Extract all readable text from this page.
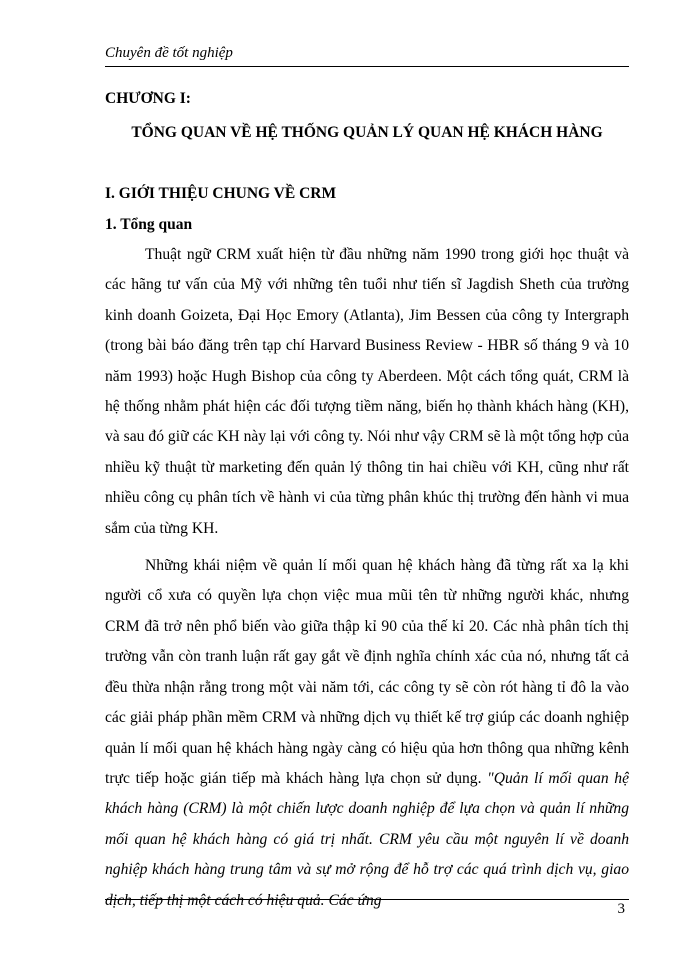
Chuyên đề tốt nghiệp

CHƯƠNG I:

TỔNG QUAN VỀ HỆ THỐNG QUẢN LÝ QUAN HỆ KHÁCH HÀNG

I. GIỚI THIỆU CHUNG VỀ CRM

1. Tổng quan

Thuật ngữ CRM xuất hiện từ đầu những năm 1990 trong giới học thuật và các hãng tư vấn của Mỹ với những tên tuổi như tiến sĩ Jagdish Sheth của trường kinh doanh Goizeta, Đại Học Emory (Atlanta), Jim Bessen của công ty Intergraph (trong bài báo đăng trên tạp chí Harvard Business Review - HBR số tháng 9 và 10 năm 1993) hoặc Hugh Bishop của công ty Aberdeen. Một cách tổng quát, CRM là hệ thống nhằm phát hiện các đối tượng tiềm năng, biến họ thành khách hàng (KH), và sau đó giữ các KH này lại với công ty. Nói như vậy CRM sẽ là một tổng hợp của nhiều kỹ thuật từ marketing đến quản lý thông tin hai chiều với KH, cũng như rất nhiều công cụ phân tích về hành vi của từng phân khúc thị trường đến hành vi mua sắm của từng KH.

Những khái niệm về quản lí mối quan hệ khách hàng đã từng rất xa lạ khi người cổ xưa có quyền lựa chọn việc mua mũi tên từ những người khác, nhưng CRM đã trở nên phổ biến vào giữa thập kỉ 90 của thế kỉ 20. Các nhà phân tích thị trường vẫn còn tranh luận rất gay gắt về định nghĩa chính xác của nó, nhưng tất cả đều thừa nhận rằng trong một vài năm tới, các công ty sẽ còn rót hàng tỉ đô la vào các giải pháp phần mềm CRM và những dịch vụ thiết kế trợ giúp các doanh nghiệp quản lí mối quan hệ khách hàng ngày càng có hiệu qủa hơn thông qua những kênh trực tiếp hoặc gián tiếp mà khách hàng lựa chọn sử dụng. "Quản lí mối quan hệ khách hàng (CRM) là một chiến lược doanh nghiệp để lựa chọn và quản lí những mối quan hệ khách hàng có giá trị nhất. CRM yêu cầu một nguyên lí về doanh nghiệp khách hàng trung tâm và sự mở rộng để hỗ trợ các quá trình dịch vụ, giao dịch, tiếp thị một cách có hiệu quả. Các ứng

3
